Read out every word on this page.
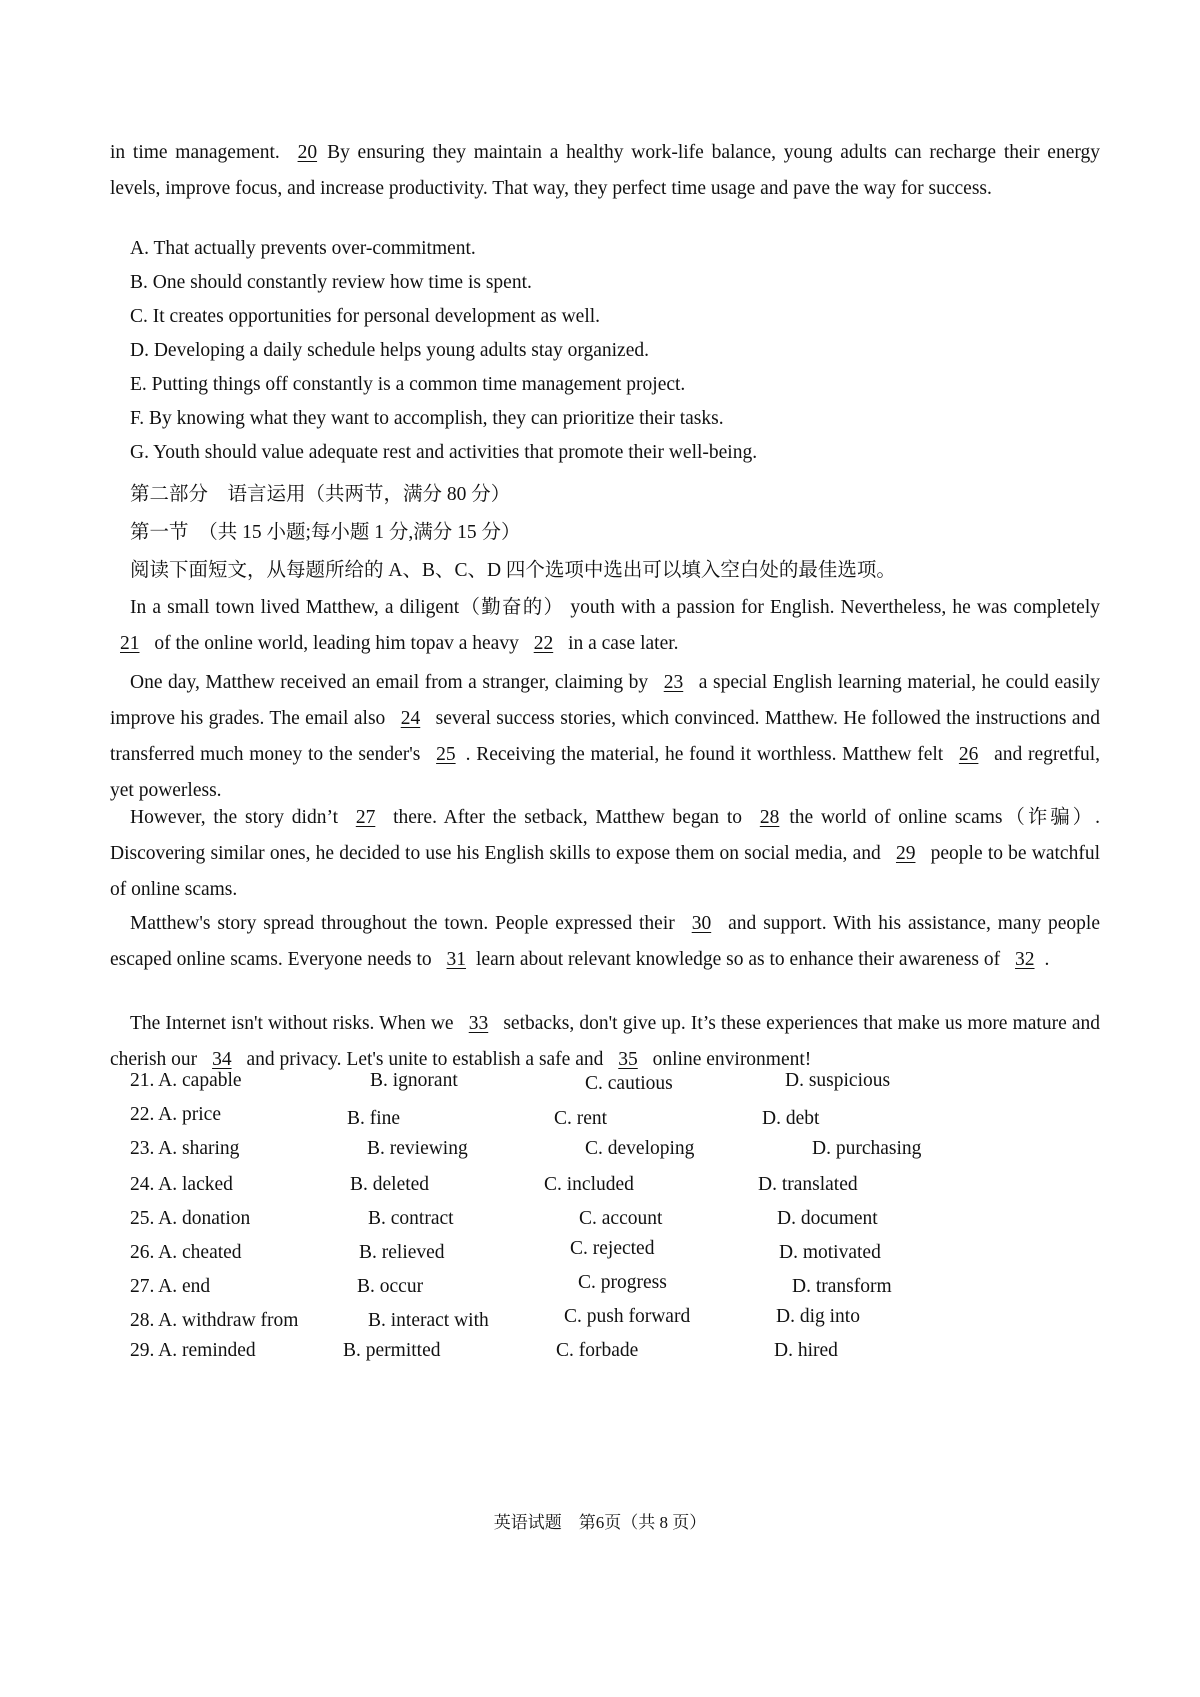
in time management. 20 By ensuring they maintain a healthy work-life balance, young adults can recharge their energy levels, improve focus, and increase productivity. That way, they perfect time usage and pave the way for success.
A. That actually prevents over-commitment.
B. One should constantly review how time is spent.
C. It creates opportunities for personal development as well.
D. Developing a daily schedule helps young adults stay organized.
E. Putting things off constantly is a common time management project.
F. By knowing what they want to accomplish, they can prioritize their tasks.
G. Youth should value adequate rest and activities that promote their well-being.
第二部分　语言运用（共两节，满分 80 分）
第一节　（共 15 小题;每小题 1 分,满分 15 分）
阅读下面短文，从每题所给的 A、B、C、D 四个选项中选出可以填入空白处的最佳选项。
In a small town lived Matthew, a diligent（勤奋的） youth with a passion for English. Nevertheless, he was completely 21 of the online world, leading him topav a heavy 22 in a case later.
One day, Matthew received an email from a stranger, claiming by 23 a special English learning material, he could easily improve his grades. The email also 24 several success stories, which convinced. Matthew. He followed the instructions and transferred much money to the sender's 25 . Receiving the material, he found it worthless. Matthew felt 26 and regretful, yet powerless.
However, the story didn’t 27 there. After the setback, Matthew began to 28 the world of online scams（诈骗）. Discovering similar ones, he decided to use his English skills to expose them on social media, and 29 people to be watchful of online scams.
Matthew's story spread throughout the town. People expressed their 30 and support. With his assistance, many people escaped online scams. Everyone needs to 31 learn about relevant knowledge so as to enhance their awareness of 32 .
The Internet isn't without risks. When we 33 setbacks, don't give up. It’s these experiences that make us more mature and cherish our 34 and privacy. Let's unite to establish a safe and 35 online environment!
21. A. capable	B. ignorant	C. cautious	D. suspicious
22. A. price	B. fine	C. rent	D. debt
23. A. sharing	B. reviewing	C. developing	D. purchasing
24. A. lacked	B. deleted	C. included	D. translated
25. A. donation	B. contract	C. account	D. document
26. A. cheated	B. relieved	C. rejected	D. motivated
27. A. end	B. occur	C. progress	D. transform
28. A. withdraw from	B. interact with	C. push forward	D. dig into
29. A. reminded	B. permitted	C. forbade	D. hired
英语试题　第6页（共 8 页）
